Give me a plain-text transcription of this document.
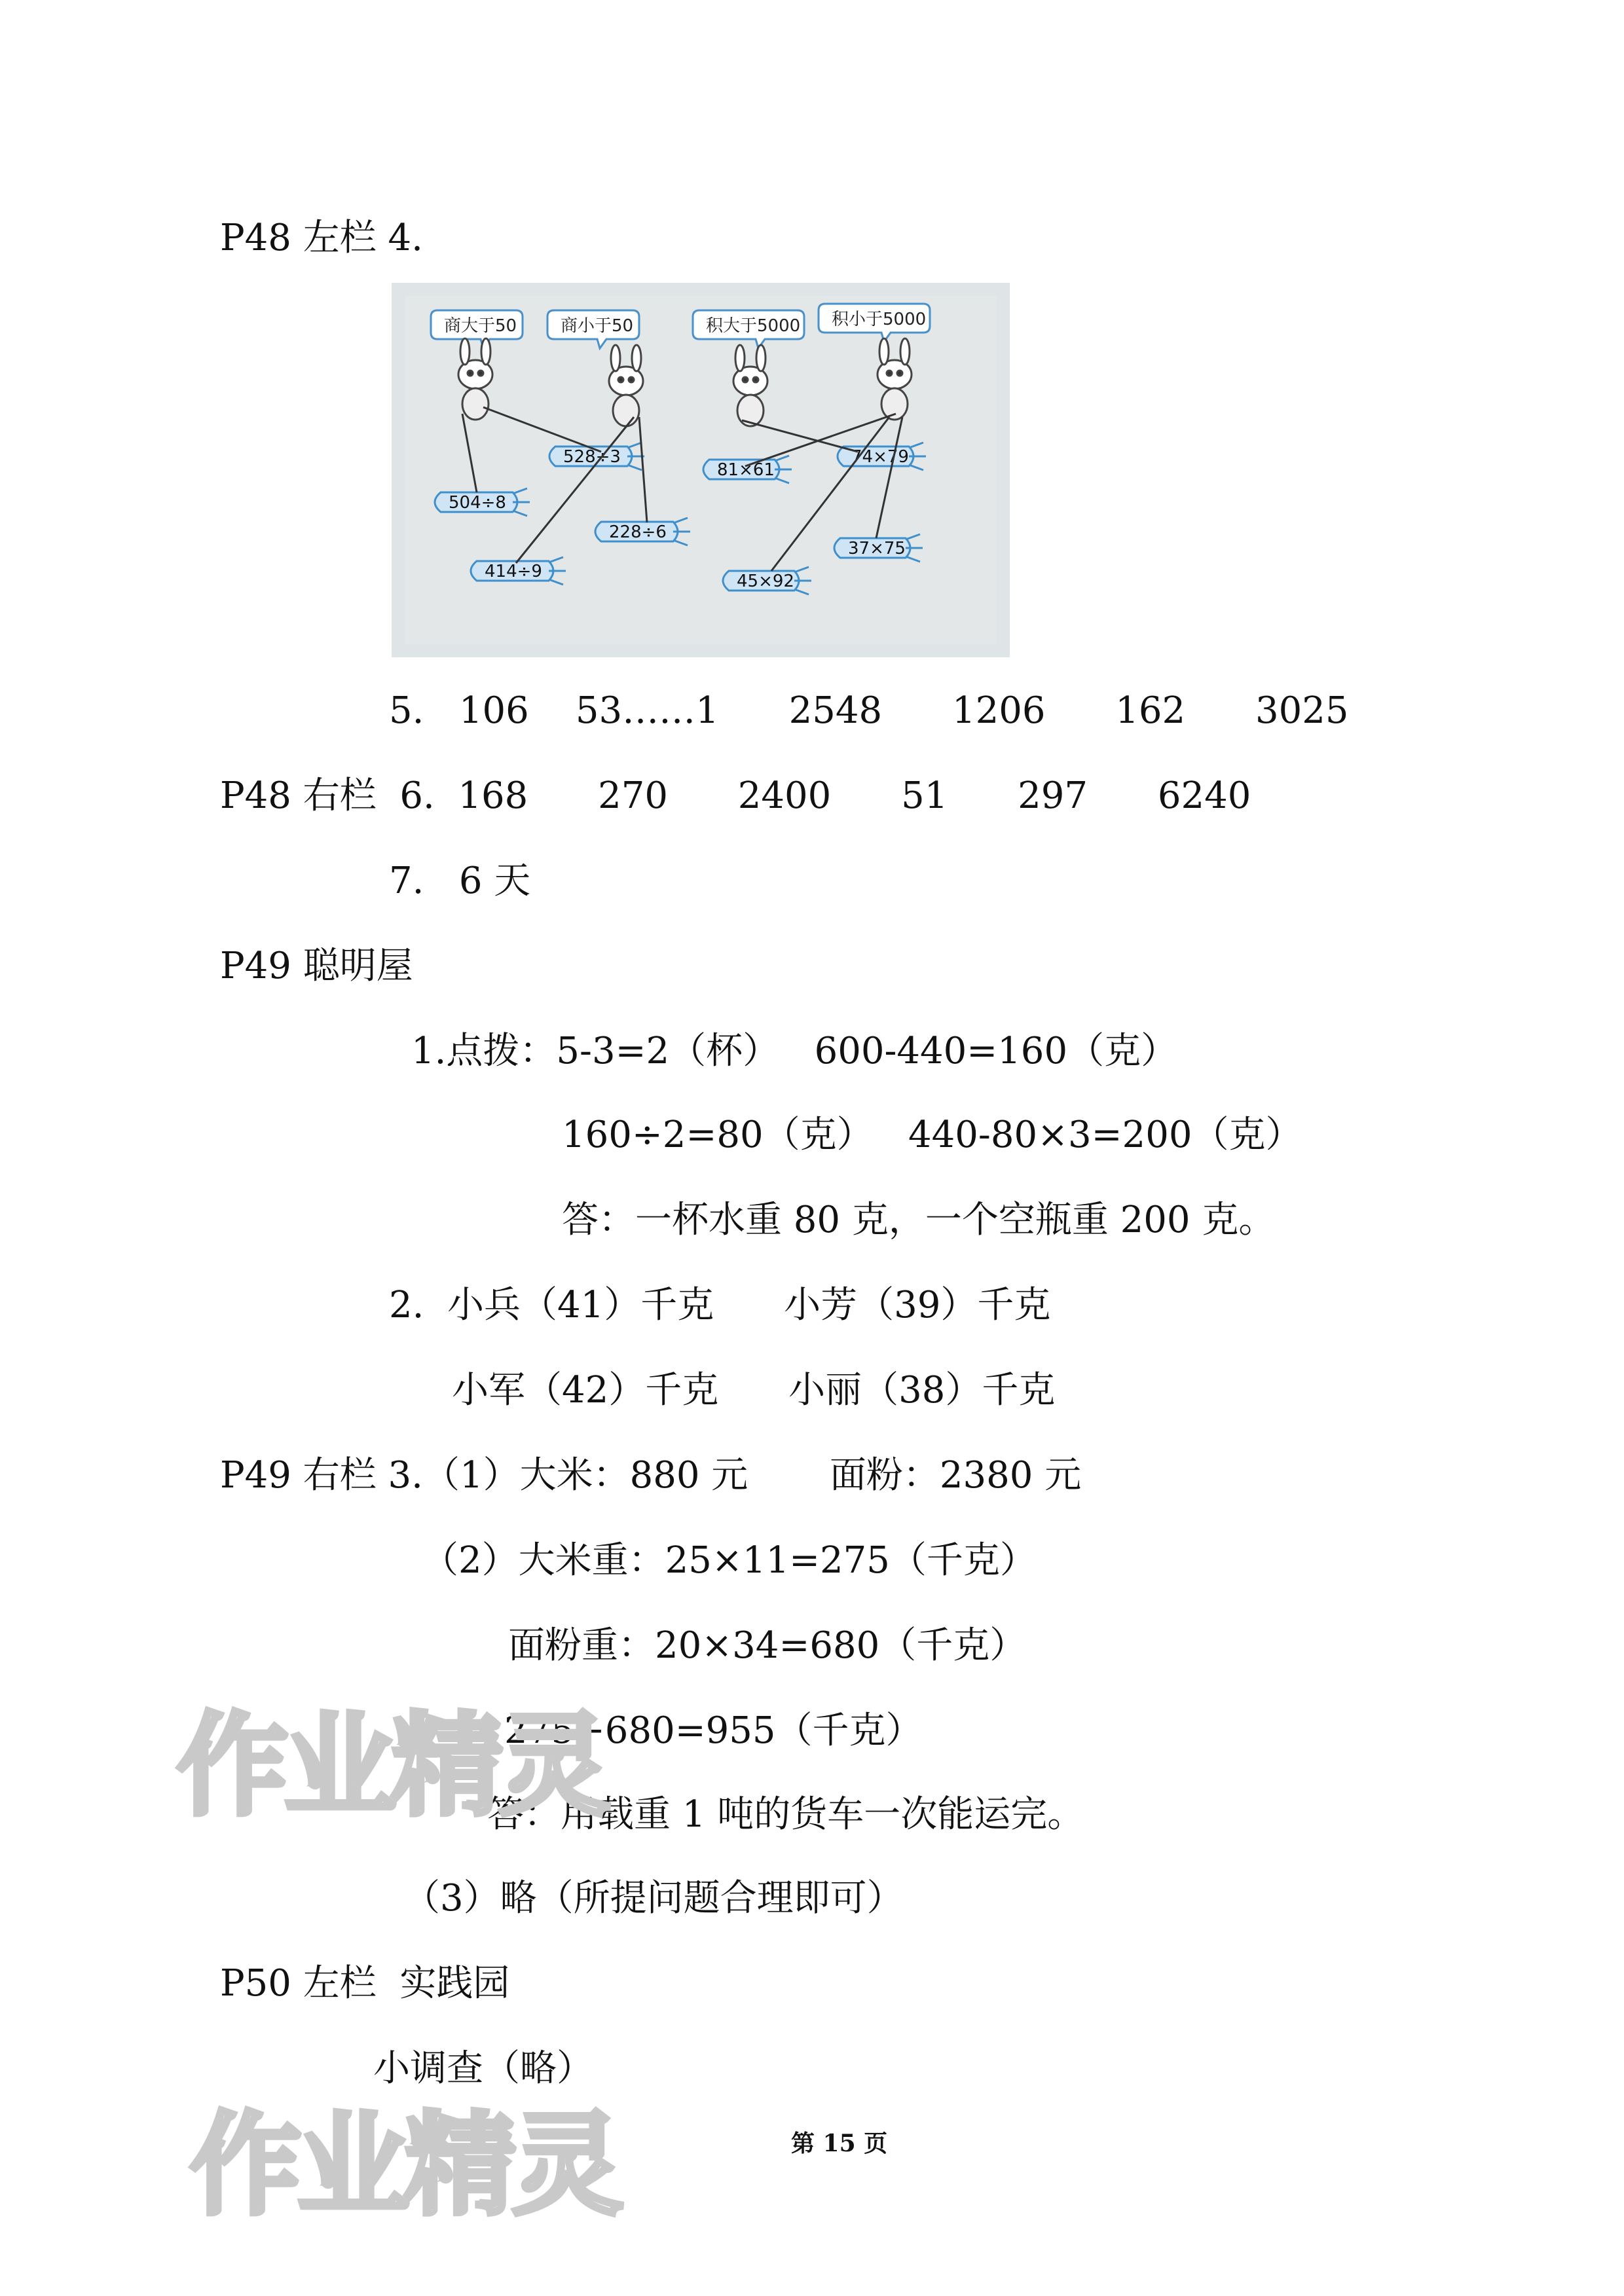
P48 左栏 4.
商大于50	商小于50	积大于5000 积小于5000
528÷3
504÷8
228÷6
414÷9
81×61
74×79
37×75
45×92
5.   106    53……1      2548      1206      162      3025
P48 右栏  6.  168      270      2400      51      297      6240
7.   6 天
P49 聪明屋
1.点拨：5-3=2（杯）   600-440=160（克）
160÷2=80（克）   440-80×3=200（克）
答：一杯水重 80 克，一个空瓶重 200 克。
2.  小兵（41）千克      小芳（39）千克
小军（42）千克      小丽（38）千克
P49 右栏 3.（1）大米：880 元       面粉：2380 元
（2）大米重：25×11=275（千克）
面粉重：20×34=680（千克）
275+680=955（千克）
答：用载重 1 吨的货车一次能运完。
（3）略（所提问题合理即可）
P50 左栏  实践园
小调查（略）
作业精灵
作业精灵	第 15 页
